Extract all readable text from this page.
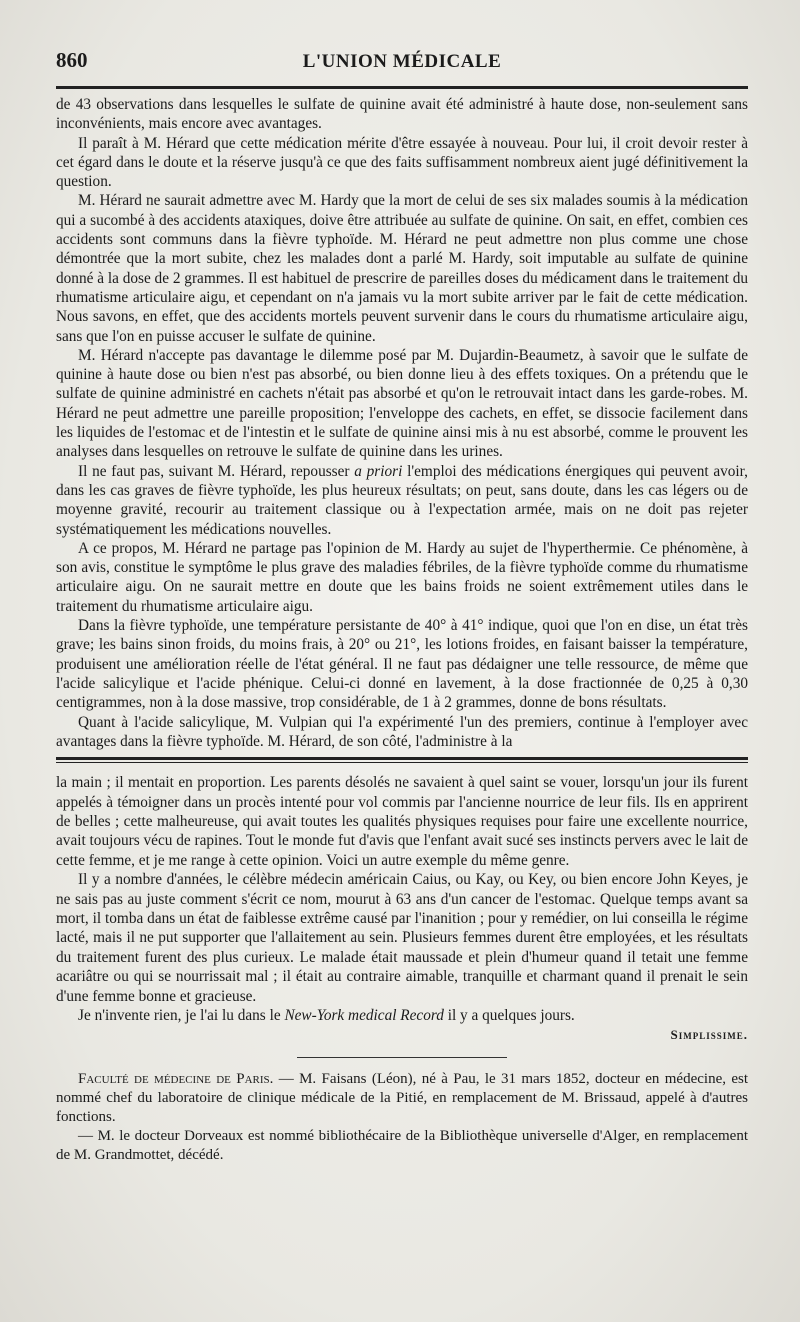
860	L'UNION MÉDICALE

de 43 observations dans lesquelles le sulfate de quinine avait été administré à haute dose, non-seulement sans inconvénients, mais encore avec avantages.

Il paraît à M. Hérard que cette médication mérite d'être essayée à nouveau. Pour lui, il croit devoir rester à cet égard dans le doute et la réserve jusqu'à ce que des faits suffisamment nombreux aient jugé définitivement la question.

M. Hérard ne saurait admettre avec M. Hardy que la mort de celui de ses six malades soumis à la médication qui a sucombé à des accidents ataxiques, doive être attribuée au sulfate de quinine. On sait, en effet, combien ces accidents sont communs dans la fièvre typhoïde. M. Hérard ne peut admettre non plus comme une chose démontrée que la mort subite, chez les malades dont a parlé M. Hardy, soit imputable au sulfate de quinine donné à la dose de 2 grammes. Il est habituel de prescrire de pareilles doses du médicament dans le traitement du rhumatisme articulaire aigu, et cependant on n'a jamais vu la mort subite arriver par le fait de cette médication. Nous savons, en effet, que des accidents mortels peuvent survenir dans le cours du rhumatisme articulaire aigu, sans que l'on en puisse accuser le sulfate de quinine.

M. Hérard n'accepte pas davantage le dilemme posé par M. Dujardin-Beaumetz, à savoir que le sulfate de quinine à haute dose ou bien n'est pas absorbé, ou bien donne lieu à des effets toxiques. On a prétendu que le sulfate de quinine administré en cachets n'était pas absorbé et qu'on le retrouvait intact dans les garde-robes. M. Hérard ne peut admettre une pareille proposition; l'enveloppe des cachets, en effet, se dissocie facilement dans les liquides de l'estomac et de l'intestin et le sulfate de quinine ainsi mis à nu est absorbé, comme le prouvent les analyses dans lesquelles on retrouve le sulfate de quinine dans les urines.

Il ne faut pas, suivant M. Hérard, repousser a priori l'emploi des médications énergiques qui peuvent avoir, dans les cas graves de fièvre typhoïde, les plus heureux résultats; on peut, sans doute, dans les cas légers ou de moyenne gravité, recourir au traitement classique ou à l'expectation armée, mais on ne doit pas rejeter systématiquement les médications nouvelles.

A ce propos, M. Hérard ne partage pas l'opinion de M. Hardy au sujet de l'hyperthermie. Ce phénomène, à son avis, constitue le symptôme le plus grave des maladies fébriles, de la fièvre typhoïde comme du rhumatisme articulaire aigu. On ne saurait mettre en doute que les bains froids ne soient extrêmement utiles dans le traitement du rhumatisme articulaire aigu.

Dans la fièvre typhoïde, une température persistante de 40° à 41° indique, quoi que l'on en dise, un état très grave; les bains sinon froids, du moins frais, à 20° ou 21°, les lotions froides, en faisant baisser la température, produisent une amélioration réelle de l'état général. Il ne faut pas dédaigner une telle ressource, de même que l'acide salicylique et l'acide phénique. Celui-ci donné en lavement, à la dose fractionnée de 0,25 à 0,30 centigrammes, non à la dose massive, trop considérable, de 1 à 2 grammes, donne de bons résultats.

Quant à l'acide salicylique, M. Vulpian qui l'a expérimenté l'un des premiers, continue à l'employer avec avantages dans la fièvre typhoïde. M. Hérard, de son côté, l'administre à la

la main ; il mentait en proportion. Les parents désolés ne savaient à quel saint se vouer, lorsqu'un jour ils furent appelés à témoigner dans un procès intenté pour vol commis par l'ancienne nourrice de leur fils. Ils en apprirent de belles ; cette malheureuse, qui avait toutes les qualités physiques requises pour faire une excellente nourrice, avait toujours vécu de rapines. Tout le monde fut d'avis que l'enfant avait sucé ses instincts pervers avec le lait de cette femme, et je me range à cette opinion. Voici un autre exemple du même genre.

Il y a nombre d'années, le célèbre médecin américain Caius, ou Kay, ou Key, ou bien encore John Keyes, je ne sais pas au juste comment s'écrit ce nom, mourut à 63 ans d'un cancer de l'estomac. Quelque temps avant sa mort, il tomba dans un état de faiblesse extrême causé par l'inanition ; pour y remédier, on lui conseilla le régime lacté, mais il ne put supporter que l'allaitement au sein. Plusieurs femmes durent être employées, et les résultats du traitement furent des plus curieux. Le malade était maussade et plein d'humeur quand il tetait une femme acariâtre ou qui se nourrissait mal ; il était au contraire aimable, tranquille et charmant quand il prenait le sein d'une femme bonne et gracieuse.

Je n'invente rien, je l'ai lu dans le New-York medical Record il y a quelques jours.

Simplissime.

Faculté de médecine de Paris. — M. Faisans (Léon), né à Pau, le 31 mars 1852, docteur en médecine, est nommé chef du laboratoire de clinique médicale de la Pitié, en remplacement de M. Brissaud, appelé à d'autres fonctions.

— M. le docteur Dorveaux est nommé bibliothécaire de la Bibliothèque universelle d'Alger, en remplacement de M. Grandmottet, décédé.
